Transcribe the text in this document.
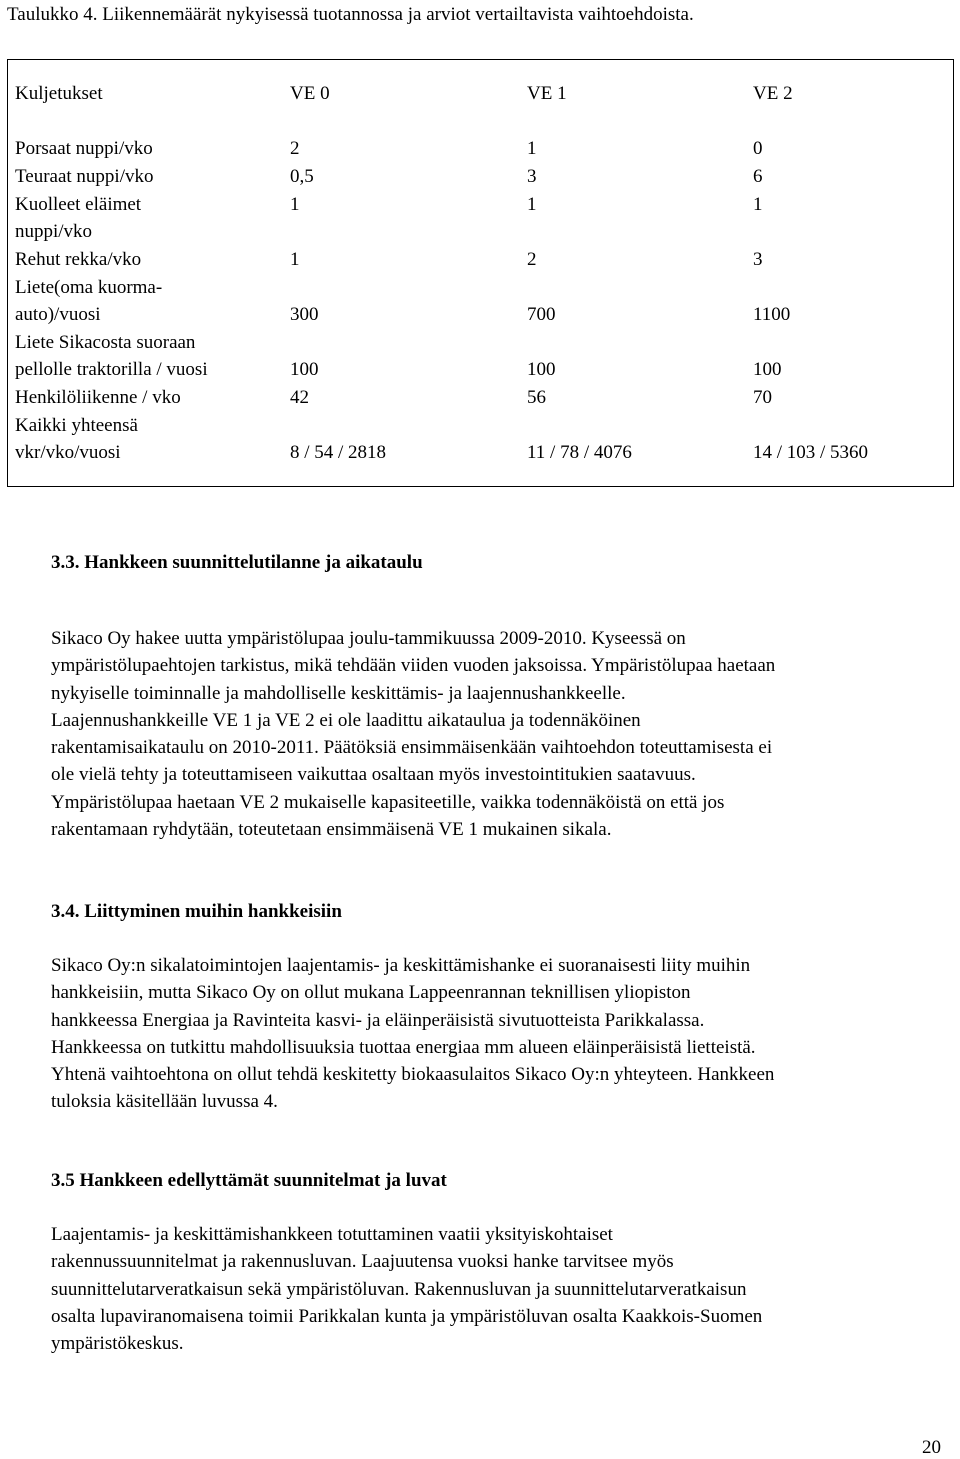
Taulukko 4. Liikennemäärät nykyisessä tuotannossa ja arviot vertailtavista vaihtoehdoista.
Kuljetukset	VE 0	VE 1	VE 2
Porsaat nuppi/vko	2	1	0
Teuraat nuppi/vko	0,5	3	6
Kuolleet eläimet
nuppi/vko
1	1	1
Rehut rekka/vko	1	2	3
Liete(oma kuorma-
auto)/vuosi	300	700	1100
Liete Sikacosta suoraan
pellolle traktorilla / vuosi	100	100	100
Henkilöliikenne / vko	42	56	70
Kaikki yhteensä
vkr/vko/vuosi	8 / 54 / 2818	11 / 78 / 4076	14 / 103 / 5360
3.3. Hankkeen suunnittelutilanne ja aikataulu
Sikaco Oy hakee uutta ympäristölupaa joulu-tammikuussa 2009-2010. Kyseessä on
ympäristölupaehtojen tarkistus, mikä tehdään viiden vuoden jaksoissa. Ympäristölupaa haetaan
nykyiselle toiminnalle ja mahdolliselle keskittämis- ja laajennushankkeelle.
Laajennushankkeille VE 1 ja VE 2 ei ole laadittu aikataulua ja todennäköinen
rakentamisaikataulu on 2010-2011. Päätöksiä ensimmäisenkään vaihtoehdon toteuttamisesta ei
ole vielä tehty ja toteuttamiseen vaikuttaa osaltaan myös investointitukien saatavuus.
Ympäristölupaa haetaan VE 2 mukaiselle kapasiteetille, vaikka todennäköistä on että jos
rakentamaan ryhdytään, toteutetaan ensimmäisenä VE 1 mukainen sikala.
3.4. Liittyminen muihin hankkeisiin
Sikaco Oy:n sikalatoimintojen laajentamis- ja keskittämishanke ei suoranaisesti liity muihin
hankkeisiin, mutta Sikaco Oy on ollut mukana Lappeenrannan teknillisen yliopiston
hankkeessa Energiaa ja Ravinteita kasvi- ja eläinperäisistä sivutuotteista Parikkalassa.
Hankkeessa on tutkittu mahdollisuuksia tuottaa energiaa mm alueen eläinperäisistä lietteistä.
Yhtenä vaihtoehtona on ollut tehdä keskitetty biokaasulaitos Sikaco Oy:n yhteyteen. Hankkeen
tuloksia käsitellään luvussa 4.
3.5 Hankkeen edellyttämät suunnitelmat ja luvat
Laajentamis- ja keskittämishankkeen totuttaminen vaatii yksityiskohtaiset
rakennussuunnitelmat ja rakennusluvan. Laajuutensa vuoksi hanke tarvitsee myös
suunnittelutarveratkaisun sekä ympäristöluvan. Rakennusluvan ja suunnittelutarveratkaisun
osalta lupaviranomaisena toimii Parikkalan kunta ja ympäristöluvan osalta Kaakkois-Suomen
ympäristökeskus.
20
